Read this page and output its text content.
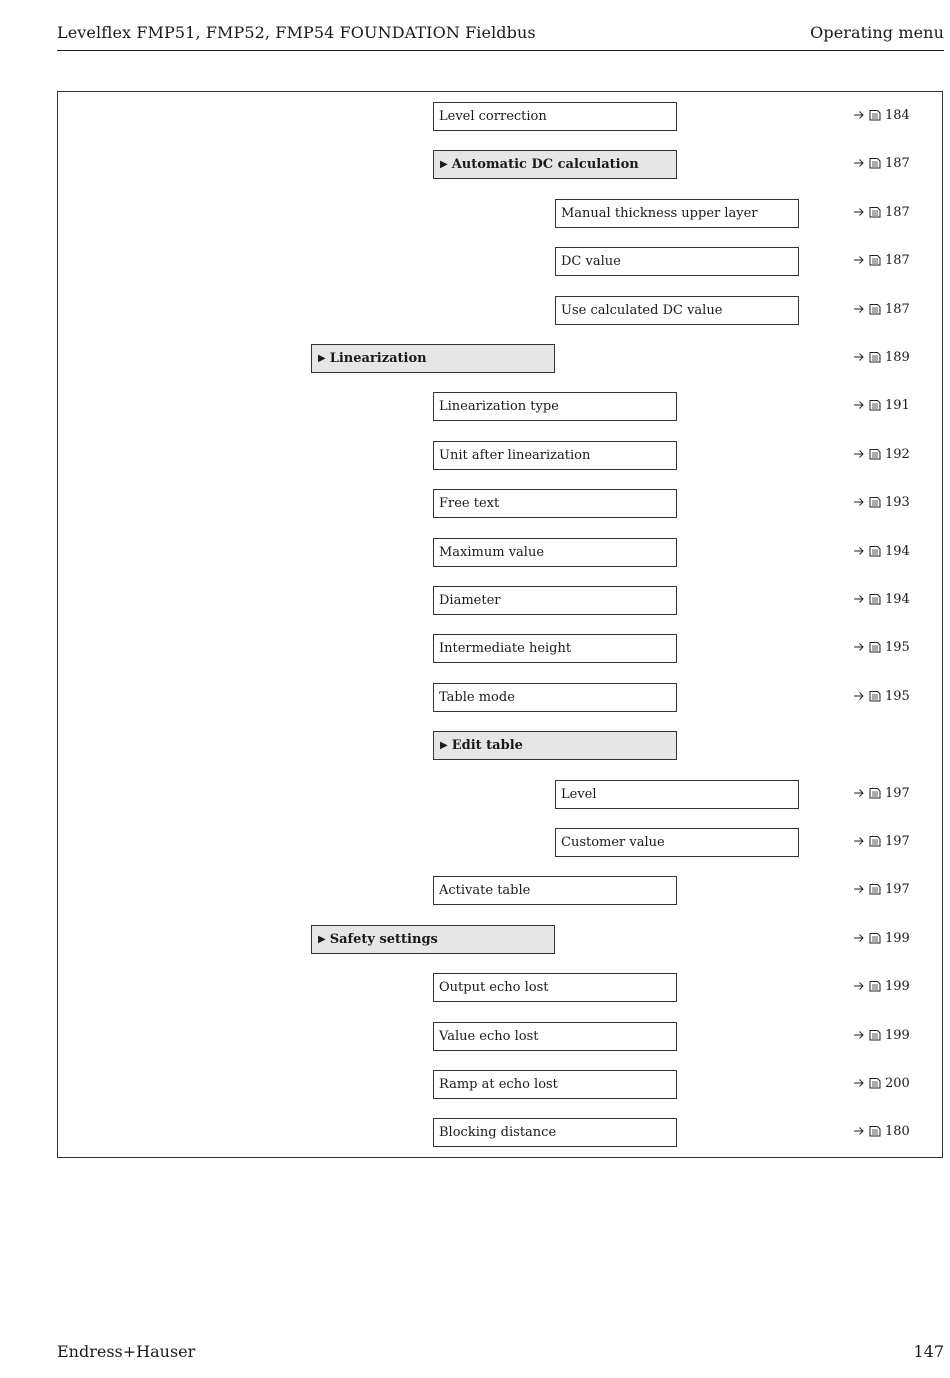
Levelflex FMP51, FMP52, FMP54 FOUNDATION Fieldbus	Operating menu
Level correction	184
▶ Automatic DC calculation	187
Manual thickness upper layer	187
DC value	187
Use calculated DC value	187
▶ Linearization	189
Linearization type	191
Unit after linearization	192
Free text	193
Maximum value	194
Diameter	194
Intermediate height	195
Table mode	195
▶ Edit table
Level	197
Customer value	197
Activate table	197
▶ Safety settings	199
Output echo lost	199
Value echo lost	199
Ramp at echo lost	200
Blocking distance	180
Endress+Hauser	147
